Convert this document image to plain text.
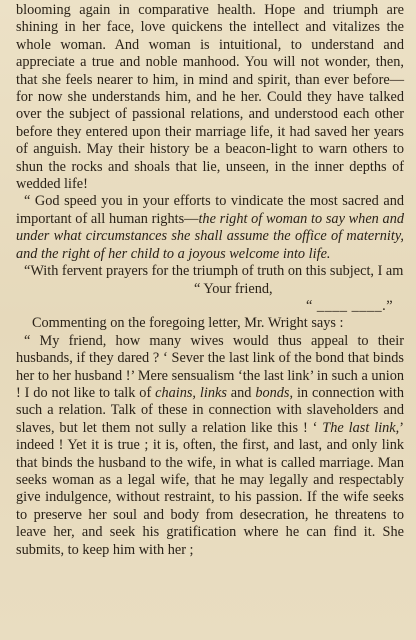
blooming again in comparative health. Hope and triumph are shining in her face, love quickens the intellect and vitalizes the whole woman. And woman is intuitional, to understand and appreciate a true and noble manhood. You will not wonder, then, that she feels nearer to him, in mind and spirit, than ever before—for now she understands him, and he her. Could they have talked over the subject of passional relations, and understood each other before they entered upon their marriage life, it had saved her years of anguish. May their history be a beacon-light to warn others to shun the rocks and shoals that lie, unseen, in the inner depths of wedded life!

“ God speed you in your efforts to vindicate the most sacred and important of all human rights—the right of woman to say when and under what circumstances she shall assume the office of maternity, and the right of her child to a joyous welcome into life.

“With fervent prayers for the triumph of truth on this subject, I am

“ Your friend,

“ ____ ____.”

Commenting on the foregoing letter, Mr. Wright says :

“ My friend, how many wives would thus appeal to their husbands, if they dared ? ‘ Sever the last link of the bond that binds her to her husband !’ Mere sensualism ‘the last link’ in such a union ! I do not like to talk of chains, links and bonds, in connection with such a relation. Talk of these in connection with slaveholders and slaves, but let them not sully a relation like this ! ‘ The last link,’ indeed ! Yet it is true ; it is, often, the first, and last, and only link that binds the husband to the wife, in what is called marriage. Man seeks woman as a legal wife, that he may legally and respectably give indulgence, without restraint, to his passion. If the wife seeks to preserve her soul and body from desecration, he threatens to leave her, and seek his gratification where he can find it. She submits, to keep him with her ;
